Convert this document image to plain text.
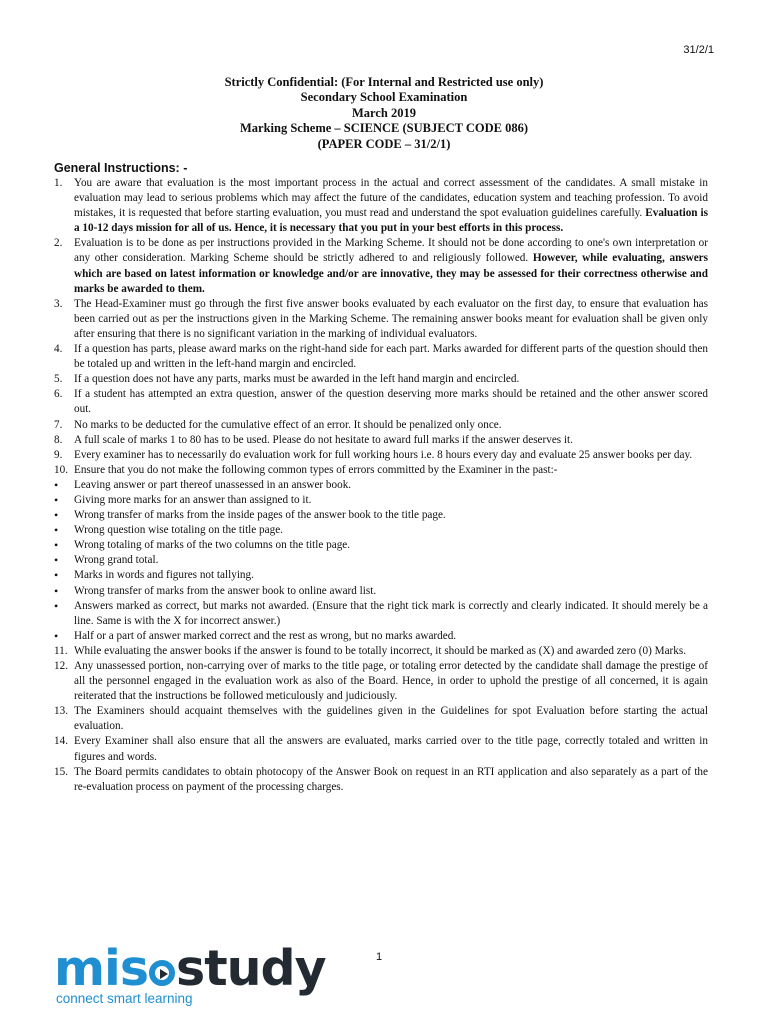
31/2/1
Strictly Confidential: (For Internal and Restricted use only)
Secondary School Examination
March 2019
Marking Scheme – SCIENCE (SUBJECT CODE 086)
(PAPER CODE – 31/2/1)
General Instructions: -
1.	You are aware that evaluation is the most important process in the actual and correct assessment of the candidates. A small mistake in evaluation may lead to serious problems which may affect the future of the candidates, education system and teaching profession. To avoid mistakes, it is requested that before starting evaluation, you must read and understand the spot evaluation guidelines carefully. Evaluation is a 10-12 days mission for all of us. Hence, it is necessary that you put in your best efforts in this process.
2.	Evaluation is to be done as per instructions provided in the Marking Scheme. It should not be done according to one's own interpretation or any other consideration. Marking Scheme should be strictly adhered to and religiously followed. However, while evaluating, answers which are based on latest information or knowledge and/or are innovative, they may be assessed for their correctness otherwise and marks be awarded to them.
3.	The Head-Examiner must go through the first five answer books evaluated by each evaluator on the first day, to ensure that evaluation has been carried out as per the instructions given in the Marking Scheme. The remaining answer books meant for evaluation shall be given only after ensuring that there is no significant variation in the marking of individual evaluators.
4.	If a question has parts, please award marks on the right-hand side for each part. Marks awarded for different parts of the question should then be totaled up and written in the left-hand margin and encircled.
5.	If a question does not have any parts, marks must be awarded in the left hand margin and encircled.
6.	If a student has attempted an extra question, answer of the question deserving more marks should be retained and the other answer scored out.
7.	No marks to be deducted for the cumulative effect of an error. It should be penalized only once.
8.	A full scale of marks 1 to 80 has to be used. Please do not hesitate to award full marks if the answer deserves it.
9.	Every examiner has to necessarily do evaluation work for full working hours i.e. 8 hours every day and evaluate 25 answer books per day.
10. Ensure that you do not make the following common types of errors committed by the Examiner in the past:-
•	Leaving answer or part thereof unassessed in an answer book.
•	Giving more marks for an answer than assigned to it.
•	Wrong transfer of marks from the inside pages of the answer book to the title page.
•	Wrong question wise totaling on the title page.
•	Wrong totaling of marks of the two columns on the title page.
•	Wrong grand total.
•	Marks in words and figures not tallying.
•	Wrong transfer of marks from the answer book to online award list.
•	Answers marked as correct, but marks not awarded. (Ensure that the right tick mark is correctly and clearly indicated. It should merely be a line. Same is with the X for incorrect answer.)
•	Half or a part of answer marked correct and the rest as wrong, but no marks awarded.
11. While evaluating the answer books if the answer is found to be totally incorrect, it should be marked as (X) and awarded zero (0) Marks.
12. Any unassessed portion, non-carrying over of marks to the title page, or totaling error detected by the candidate shall damage the prestige of all the personnel engaged in the evaluation work as also of the Board. Hence, in order to uphold the prestige of all concerned, it is again reiterated that the instructions be followed meticulously and judiciously.
13. The Examiners should acquaint themselves with the guidelines given in the Guidelines for spot Evaluation before starting the actual evaluation.
14. Every Examiner shall also ensure that all the answers are evaluated, marks carried over to the title page, correctly totaled and written in figures and words.
15. The Board permits candidates to obtain photocopy of the Answer Book on request in an RTI application and also separately as a part of the re-evaluation process on payment of the processing charges.
1
mis study
connect smart learning
